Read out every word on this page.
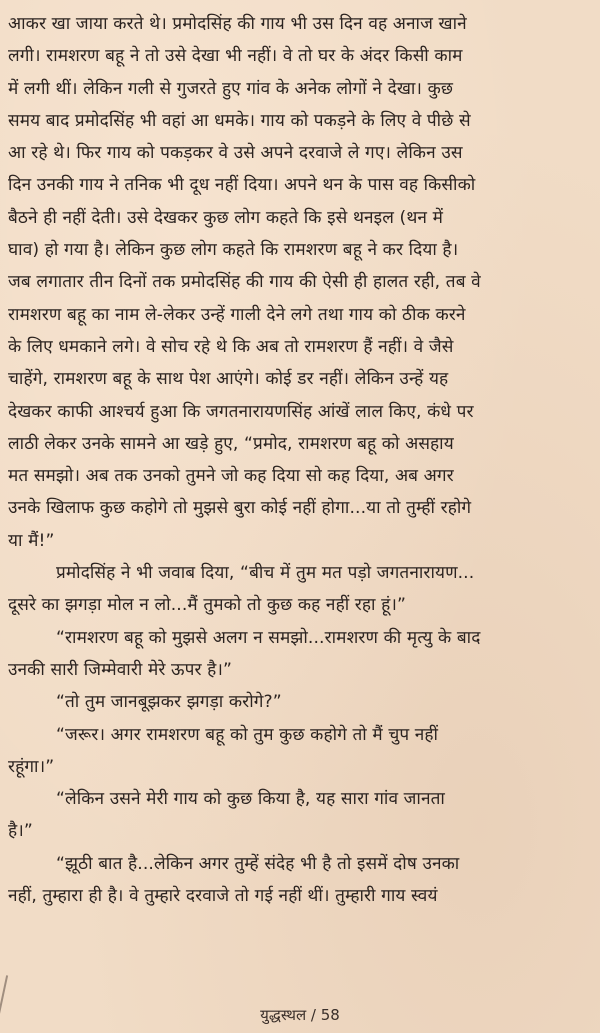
आकर खा जाया करते थे। प्रमोदसिंह की गाय भी उस दिन वह अनाज खाने
लगी। रामशरण बहू ने तो उसे देखा भी नहीं। वे तो घर के अंदर किसी काम
में लगी थीं। लेकिन गली से गुजरते हुए गांव के अनेक लोगों ने देखा। कुछ
समय बाद प्रमोदसिंह भी वहां आ धमके। गाय को पकड़ने के लिए वे पीछे से
आ रहे थे। फिर गाय को पकड़कर वे उसे अपने दरवाजे ले गए। लेकिन उस
दिन उनकी गाय ने तनिक भी दूध नहीं दिया। अपने थन के पास वह किसीको
बैठने ही नहीं देती। उसे देखकर कुछ लोग कहते कि इसे थनइल (थन में
घाव) हो गया है। लेकिन कुछ लोग कहते कि रामशरण बहू ने कर दिया है।
जब लगातार तीन दिनों तक प्रमोदसिंह की गाय की ऐसी ही हालत रही, तब वे
रामशरण बहू का नाम ले-लेकर उन्हें गाली देने लगे तथा गाय को ठीक करने
के लिए धमकाने लगे। वे सोच रहे थे कि अब तो रामशरण हैं नहीं। वे जैसे
चाहेंगे, रामशरण बहू के साथ पेश आएंगे। कोई डर नहीं। लेकिन उन्हें यह
देखकर काफी आश्चर्य हुआ कि जगतनारायणसिंह आंखें लाल किए, कंधे पर
लाठी लेकर उनके सामने आ खड़े हुए, “प्रमोद, रामशरण बहू को असहाय
मत समझो। अब तक उनको तुमने जो कह दिया सो कह दिया, अब अगर
उनके खिलाफ कुछ कहोगे तो मुझसे बुरा कोई नहीं होगा...या तो तुम्हीं रहोगे
या मैं!”
प्रमोदसिंह ने भी जवाब दिया, “बीच में तुम मत पड़ो जगतनारायण...
दूसरे का झगड़ा मोल न लो...मैं तुमको तो कुछ कह नहीं रहा हूं।”
“रामशरण बहू को मुझसे अलग न समझो...रामशरण की मृत्यु के बाद
उनकी सारी जिम्मेवारी मेरे ऊपर है।”
“तो तुम जानबूझकर झगड़ा करोगे?”
“जरूर। अगर रामशरण बहू को तुम कुछ कहोगे तो मैं चुप नहीं
रहूंगा।”
“लेकिन उसने मेरी गाय को कुछ किया है, यह सारा गांव जानता
है।”
“झूठी बात है...लेकिन अगर तुम्हें संदेह भी है तो इसमें दोष उनका
नहीं, तुम्हारा ही है। वे तुम्हारे दरवाजे तो गई नहीं थीं। तुम्हारी गाय स्वयं
युद्धस्थल / 58
